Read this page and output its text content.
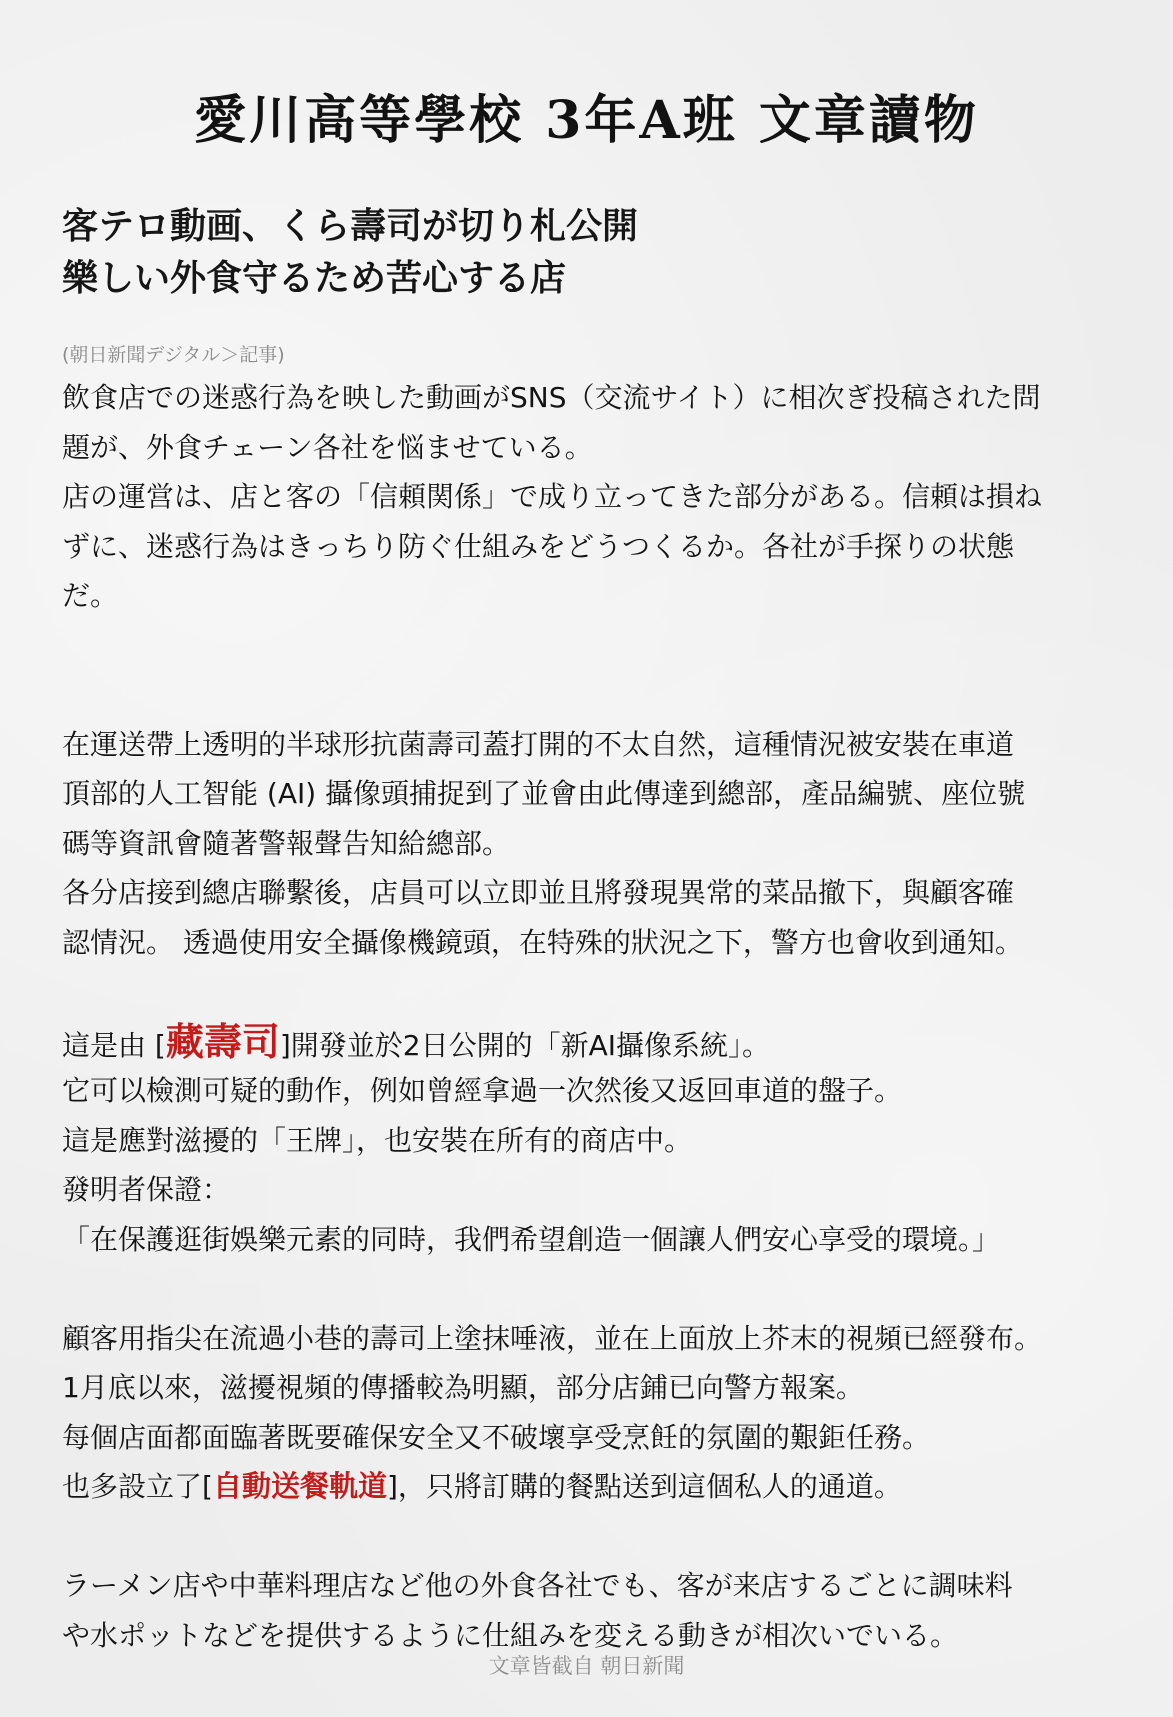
愛川高等學校 3年A班 文章讀物
客テロ動画、くら壽司が切り札公開
樂しい外食守るため苦心する店
(朝日新聞デジタル＞記事)
飲食店での迷惑行為を映した動画がSNS（交流サイト）に相次ぎ投稿された問
題が、外食チェーン各社を悩ませている。
店の運営は、店と客の「信頼関係」で成り立ってきた部分がある。信頼は損ね
ずに、迷惑行為はきっちり防ぐ仕組みをどうつくるか。各社が手探りの状態
だ。
在運送帶上透明的半球形抗菌壽司蓋打開的不太自然，這種情況被安裝在車道
頂部的人工智能 (AI) 攝像頭捕捉到了並會由此傳達到總部，產品編號、座位號
碼等資訊會隨著警報聲告知給總部。
各分店接到總店聯繫後，店員可以立即並且將發現異常的菜品撤下，與顧客確
認情況。 透過使用安全攝像機鏡頭，在特殊的狀況之下，警方也會收到通知。
這是由 [藏壽司]開發並於2日公開的「新AI攝像系統」。
它可以檢測可疑的動作，例如曾經拿過一次然後又返回車道的盤子。
這是應對滋擾的「王牌」，也安裝在所有的商店中。
發明者保證：
「在保護逛街娛樂元素的同時，我們希望創造一個讓人們安心享受的環境。」
顧客用指尖在流過小巷的壽司上塗抹唾液，並在上面放上芥末的視頻已經發布。
1月底以來，滋擾視頻的傳播較為明顯，部分店鋪已向警方報案。
每個店面都面臨著既要確保安全又不破壞享受烹飪的氛圍的艱鉅任務。
也多設立了[自動送餐軌道]，只將訂購的餐點送到這個私人的通道。
ラーメン店や中華料理店など他の外食各社でも、客が来店するごとに調味料
や水ポットなどを提供するように仕組みを変える動きが相次いでいる。
文章皆截自 朝日新聞
